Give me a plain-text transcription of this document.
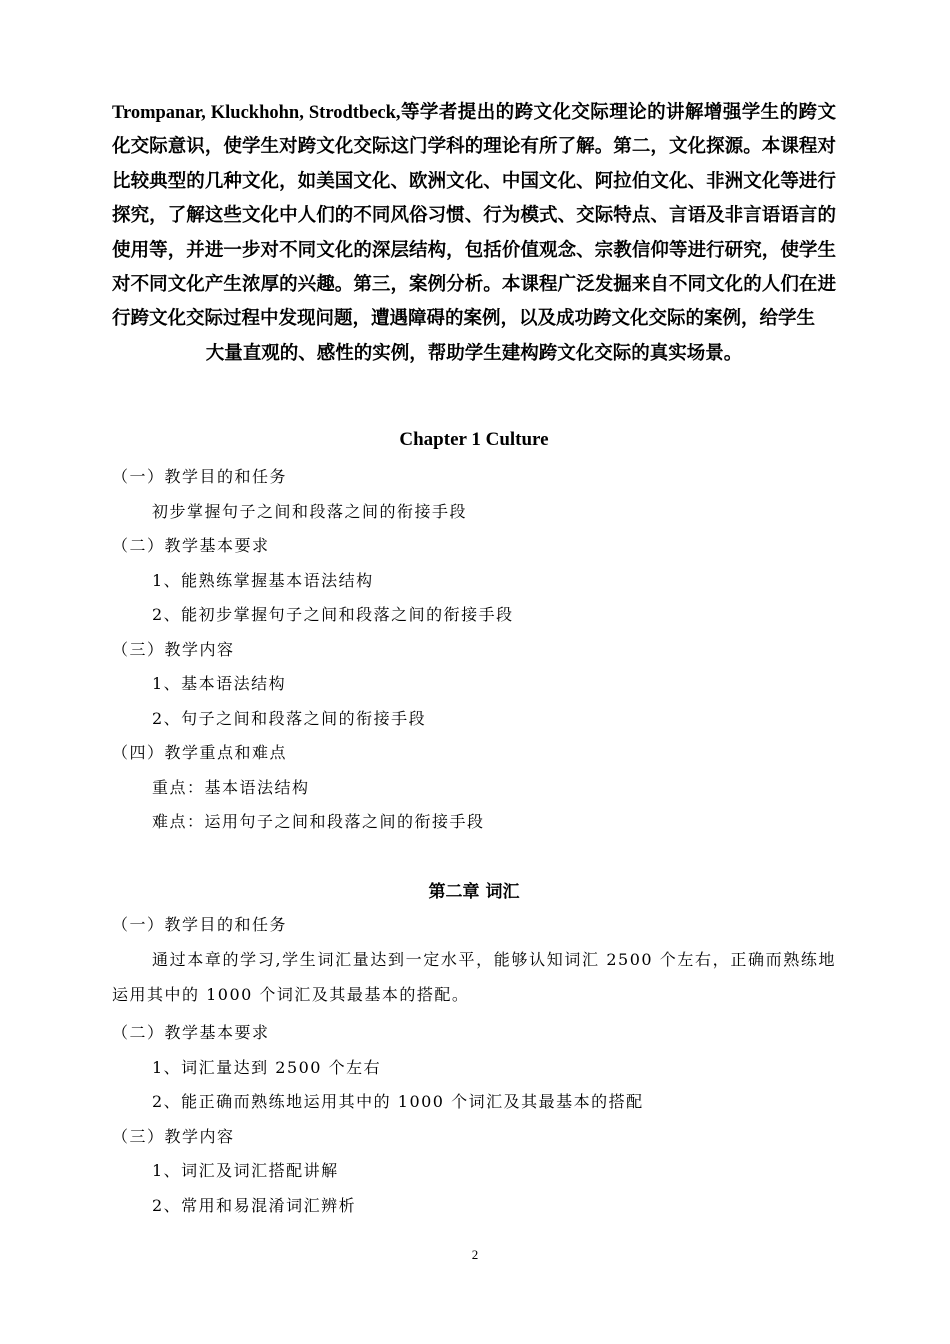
Trompanar, Kluckhohn, Strodtbeck,等学者提出的跨文化交际理论的讲解增强学生的跨文化交际意识，使学生对跨文化交际这门学科的理论有所了解。第二，文化探源。本课程对比较典型的几种文化，如美国文化、欧洲文化、中国文化、阿拉伯文化、非洲文化等进行探究，了解这些文化中人们的不同风俗习惯、行为模式、交际特点、言语及非言语语言的使用等，并进一步对不同文化的深层结构，包括价值观念、宗教信仰等进行研究，使学生对不同文化产生浓厚的兴趣。第三，案例分析。本课程广泛发掘来自不同文化的人们在进行跨文化交际过程中发现问题，遭遇障碍的案例，以及成功跨文化交际的案例，给学生
大量直观的、感性的实例，帮助学生建构跨文化交际的真实场景。

Chapter 1 Culture

（一）教学目的和任务

初步掌握句子之间和段落之间的衔接手段

（二）教学基本要求

1、能熟练掌握基本语法结构

2、能初步掌握句子之间和段落之间的衔接手段

（三）教学内容

1、基本语法结构

2、句子之间和段落之间的衔接手段

（四）教学重点和难点

重点：基本语法结构

难点：运用句子之间和段落之间的衔接手段

第二章 词汇

（一）教学目的和任务

通过本章的学习,学生词汇量达到一定水平，能够认知词汇 2500 个左右，正确而熟练地运用其中的 1000 个词汇及其最基本的搭配。

（二）教学基本要求

1、词汇量达到 2500 个左右

2、能正确而熟练地运用其中的 1000 个词汇及其最基本的搭配

（三）教学内容

1、词汇及词汇搭配讲解

2、常用和易混淆词汇辨析

2
